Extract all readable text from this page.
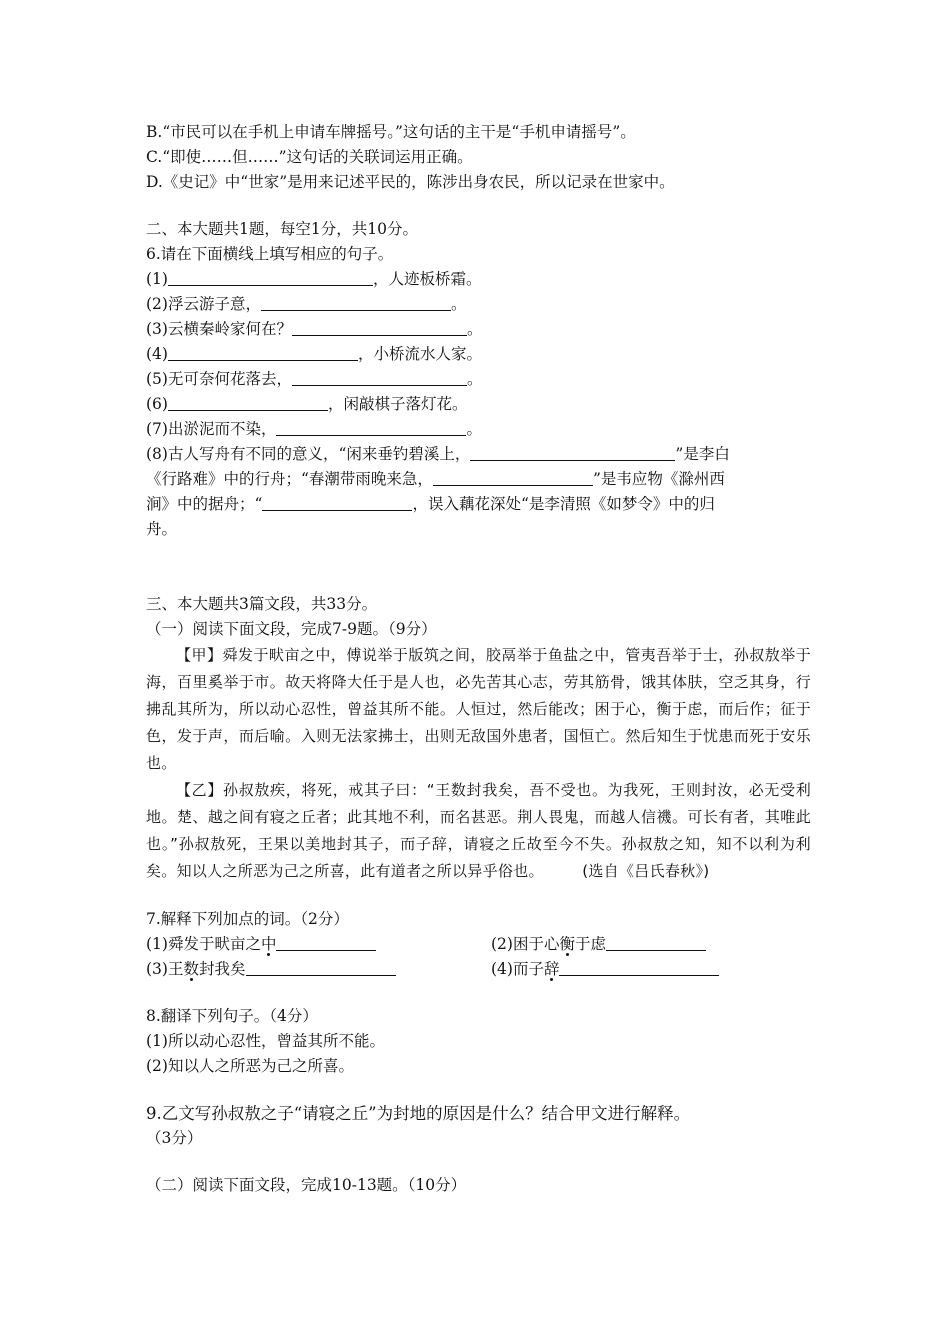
B.“市民可以在手机上申请车牌摇号。”这句话的主干是“手机申请摇号”。

C.“即使……但……”这句话的关联词运用正确。

D.《史记》中“世家”是用来记述平民的，陈涉出身农民，所以记录在世家中。

二、本大题共1题，每空1分，共10分。

6.请在下面横线上填写相应的句子。

(1)	，人迹板桥霜。

(2)浮云游子意，	。

(3)云横秦岭家何在？	。

(4)	，小桥流水人家。

(5)无可奈何花落去，	。

(6)	，闲敲棋子落灯花。

(7)出淤泥而不染，	。

(8)古人写舟有不同的意义，“闲来垂钓碧溪上，	”是李白

《行路难》中的行舟；“春潮带雨晚来急，	”是韦应物《滁州西

涧》中的据舟；“	，误入藕花深处“是李清照《如梦令》中的归

舟。

三、本大题共3篇文段，共33分。

（一）阅读下面文段，完成7-9题。（9分）

【甲】舜发于畎亩之中，傅说举于版筑之间，胶鬲举于鱼盐之中，管夷吾举于士，孙叔敖举于海，百里奚举于市。故天将降大任于是人也，必先苦其心志，劳其筋骨，饿其体肤，空乏其身，行拂乱其所为，所以动心忍性，曾益其所不能。人恒过，然后能改；困于心，衡于虑，而后作；征于色，发于声，而后喻。入则无法家拂士，出则无敌国外患者，国恒亡。然后知生于忧患而死于安乐也。

【乙】孙叔敖疾，将死，戒其子曰：“王数封我矣，吾不受也。为我死，王则封汝，必无受利地。楚、越之间有寝之丘者；此其地不利，而名甚恶。荆人畏鬼，而越人信禨。可长有者，其唯此也。”孙叔敖死，王果以美地封其子，而子辞，请寝之丘故至今不失。孙叔敖之知，知不以利为利矣。知以人之所恶为己之所喜，此有道者之所以异乎俗也。　　　(选自《吕氏春秋》)

7.解释下列加点的词。（2分）

(1)舜发于畎亩之中	(2)困于心衡于虑

(3)王数封我矣	(4)而子辞

8.翻译下列句子。（4分）

(1)所以动心忍性，曾益其所不能。

(2)知以人之所恶为己之所喜。

9.乙文写孙叔敖之子“请寝之丘”为封地的原因是什么？结合甲文进行解释。

（3分）

（二）阅读下面文段，完成10-13题。（10分）
